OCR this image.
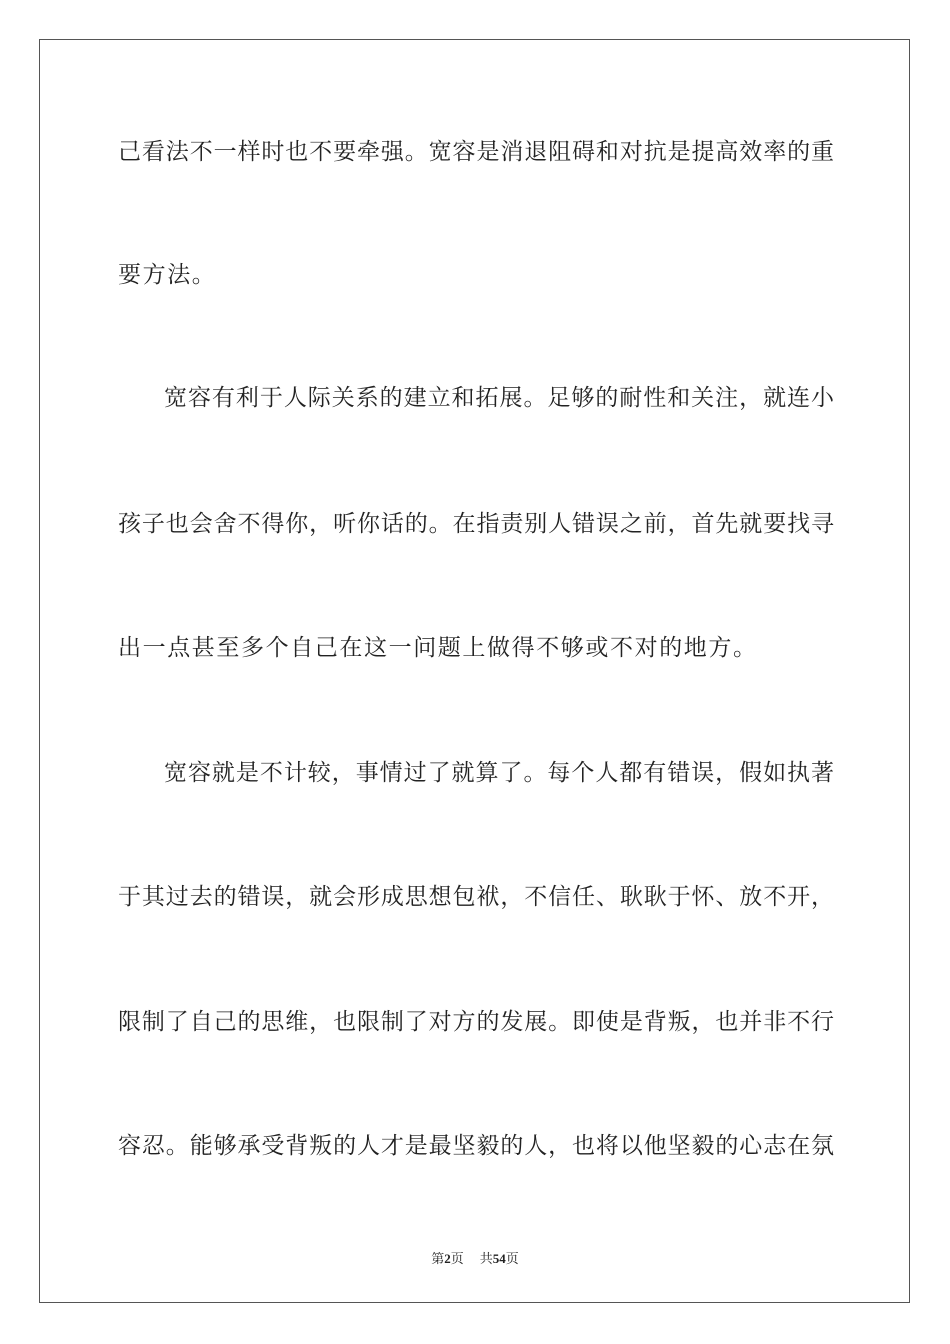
己看法不一样时也不要牵强。宽容是消退阻碍和对抗是提高效率的重
要方法。
宽容有利于人际关系的建立和拓展。足够的耐性和关注，就连小
孩子也会舍不得你，听你话的。在指责别人错误之前，首先就要找寻
出一点甚至多个自己在这一问题上做得不够或不对的地方。
宽容就是不计较，事情过了就算了。每个人都有错误，假如执著
于其过去的错误，就会形成思想包袱，不信任、耿耿于怀、放不开，
限制了自己的思维，也限制了对方的发展。即使是背叛，也并非不行
容忍。能够承受背叛的人才是最坚毅的人，也将以他坚毅的心志在氛
第2页 共54页
